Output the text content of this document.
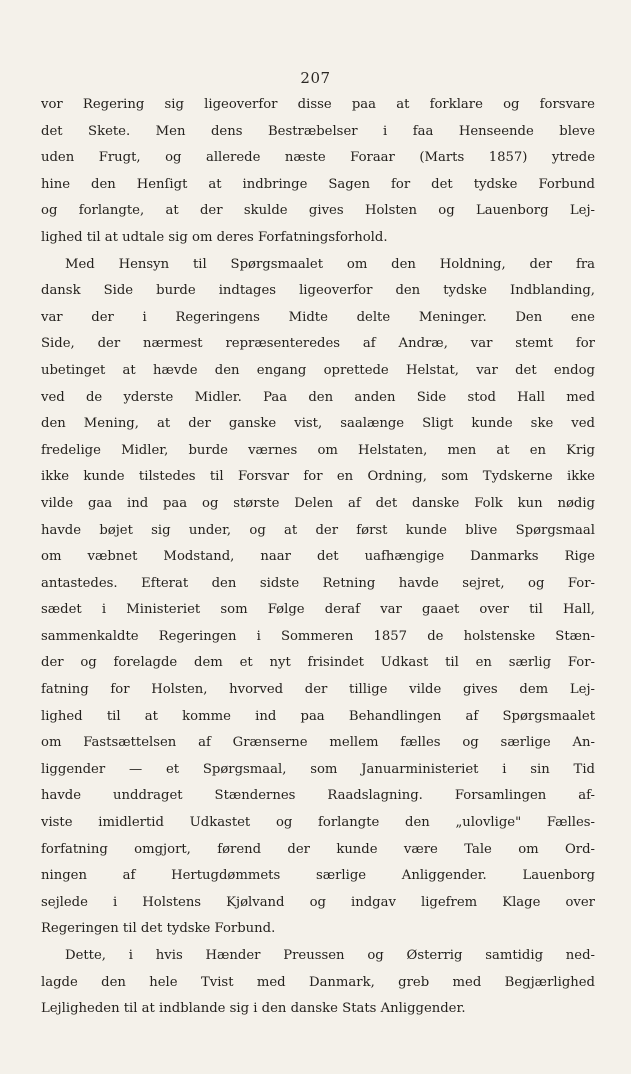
207
vor Regering sig ligeoverfor disse paa at forklare og forsvare
det Skete. Men dens Bestræbelser i faa Henseende bleve
uden Frugt, og allerede næste Foraar (Marts 1857) ytrede
hine den Henſigt at indbringe Sagen for det tydske Forbund
og forlangte, at der skulde gives Holsten og Lauenborg Lej-
lighed til at udtale sig om deres Forfatningsforhold.
Med Hensyn til Spørgsmaalet om den Holdning, der fra
dansk Side burde indtages ligeoverfor den tydske Indblanding,
var der i Regeringens Midte delte Meninger. Den ene
Side, der nærmest repræsenteredes af Andræ, var stemt for
ubetinget at hævde den engang oprettede Helstat, var det endog
ved de yderste Midler. Paa den anden Side stod Hall med
den Mening, at der ganske vist, saalænge Sligt kunde ske ved
fredelige Midler, burde værnes om Helstaten, men at en Krig
ikke kunde tilstedes til Forsvar for en Ordning, som Tydskerne ikke
vilde gaa ind paa og største Delen af det danske Folk kun nødig
havde bøjet sig under, og at der først kunde blive Spørgsmaal
om væbnet Modstand, naar det uafhængige Danmarks Rige
antastedes. Efterat den sidste Retning havde sejret, og For-
sædet i Ministeriet som Følge deraf var gaaet over til Hall,
sammenkaldte Regeringen i Sommeren 1857 de holstenske Stæn-
der og forelagde dem et nyt frisindet Udkast til en særlig For-
fatning for Holsten, hvorved der tillige vilde gives dem Lej-
lighed til at komme ind paa Behandlingen af Spørgsmaalet
om Fastsættelsen af Grænserne mellem fælles og særlige An-
liggender — et Spørgsmaal, som Januarministeriet i sin Tid
havde unddraget Stændernes Raadslagning. Forsamlingen af-
viste imidlertid Udkastet og forlangte den „ulovlige" Fælles-
forfatning omgjort, førend der kunde være Tale om Ord-
ningen af Hertugdømmets særlige Anliggender. Lauenborg
sejlede i Holstens Kjølvand og indgav ligefrem Klage over
Regeringen til det tydske Forbund.
Dette, i hvis Hænder Preussen og Østerrig samtidig ned-
lagde den hele Tvist med Danmark, greb med Begjærlighed
Lejligheden til at indblande sig i den danske Stats Anliggender.
